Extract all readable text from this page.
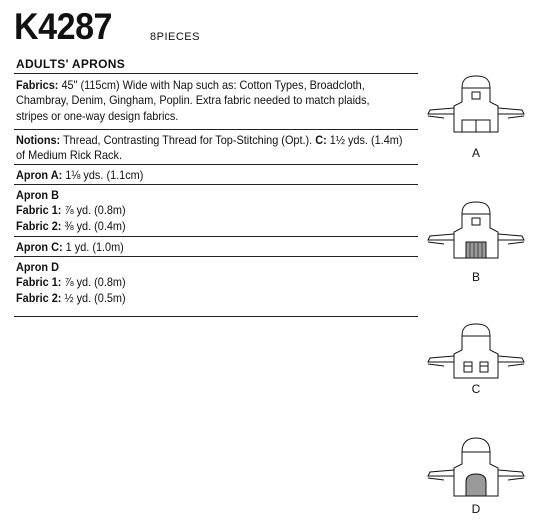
K4287	8PIECES
ADULTS' APRONS
Fabrics: 45" (115cm) Wide with Nap such as: Cotton Types, Broadcloth,
Chambray, Denim, Gingham, Poplin. Extra fabric needed to match plaids,
stripes or one-way design fabrics.
Notions: Thread, Contrasting Thread for Top-Stitching (Opt.). C: 1½ yds. (1.4m)
of Medium Rick Rack.
Apron A: 1⅛ yds. (1.1cm)
Apron B
Fabric 1: ⅞ yd. (0.8m)
Fabric 2: ⅜ yd. (0.4m)
Apron C: 1 yd. (1.0m)
Apron D
Fabric 1: ⅞ yd. (0.8m)
Fabric 2: ½ yd. (0.5m)
A
B
C
D
